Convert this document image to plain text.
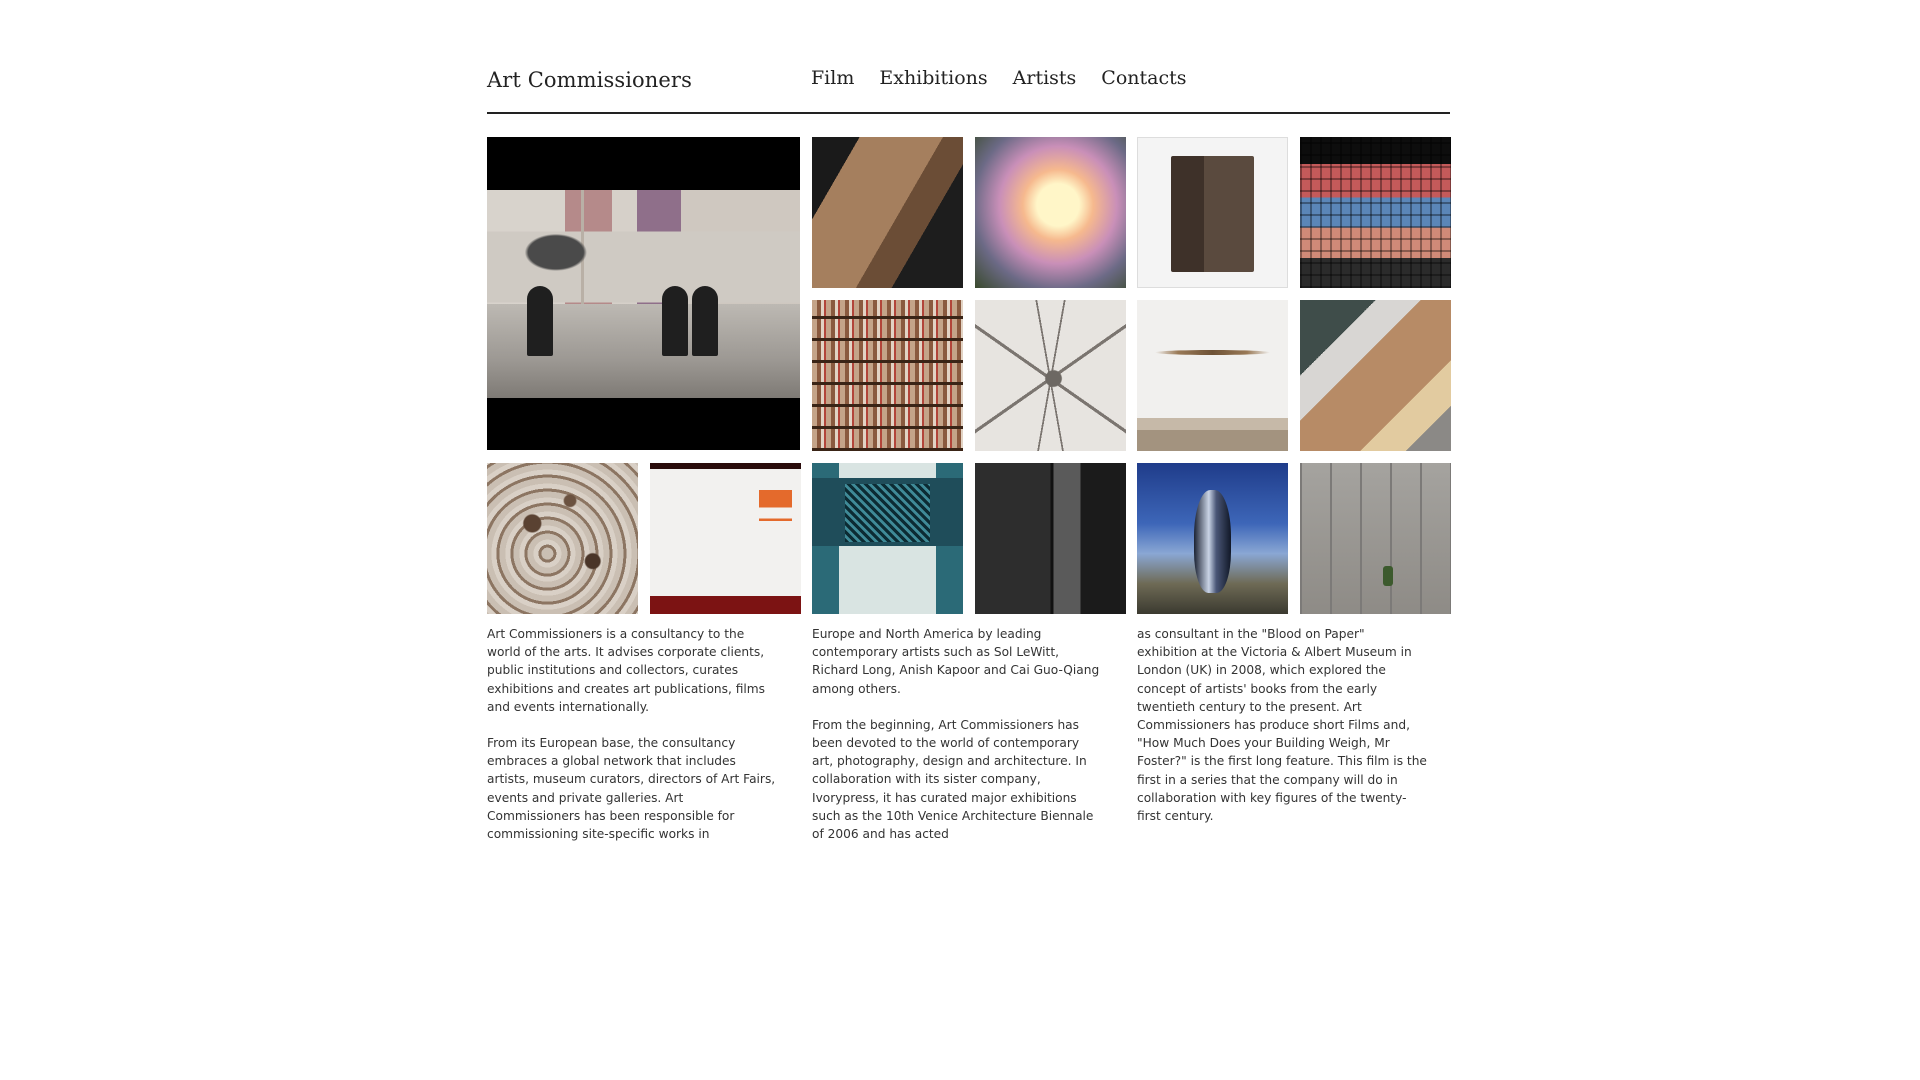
Art Commissioners	Film Exhibitions Artists Contacts

Art Commissioners is a consultancy to the world of the arts. It advises corporate clients, public institutions and collectors, curates exhibitions and creates art publications, films and events internationally.

From its European base, the consultancy embraces a global network that includes artists, museum curators, directors of Art Fairs, events and private galleries. Art Commissioners has been responsible for commissioning site-specific works in

Europe and North America by leading contemporary artists such as Sol LeWitt, Richard Long, Anish Kapoor and Cai Guo-Qiang among others.

From the beginning, Art Commissioners has been devoted to the world of contemporary art, photography, design and architecture. In collaboration with its sister company, Ivorypress, it has curated major exhibitions such as the 10th Venice Architecture Biennale of 2006 and has acted

as consultant in the "Blood on Paper" exhibition at the Victoria & Albert Museum in London (UK) in 2008, which explored the concept of artists' books from the early twentieth century to the present. Art Commissioners has produce short Films and, "How Much Does your Building Weigh, Mr Foster?" is the first long feature. This film is the first in a series that the company will do in collaboration with key figures of the twenty-first century.
